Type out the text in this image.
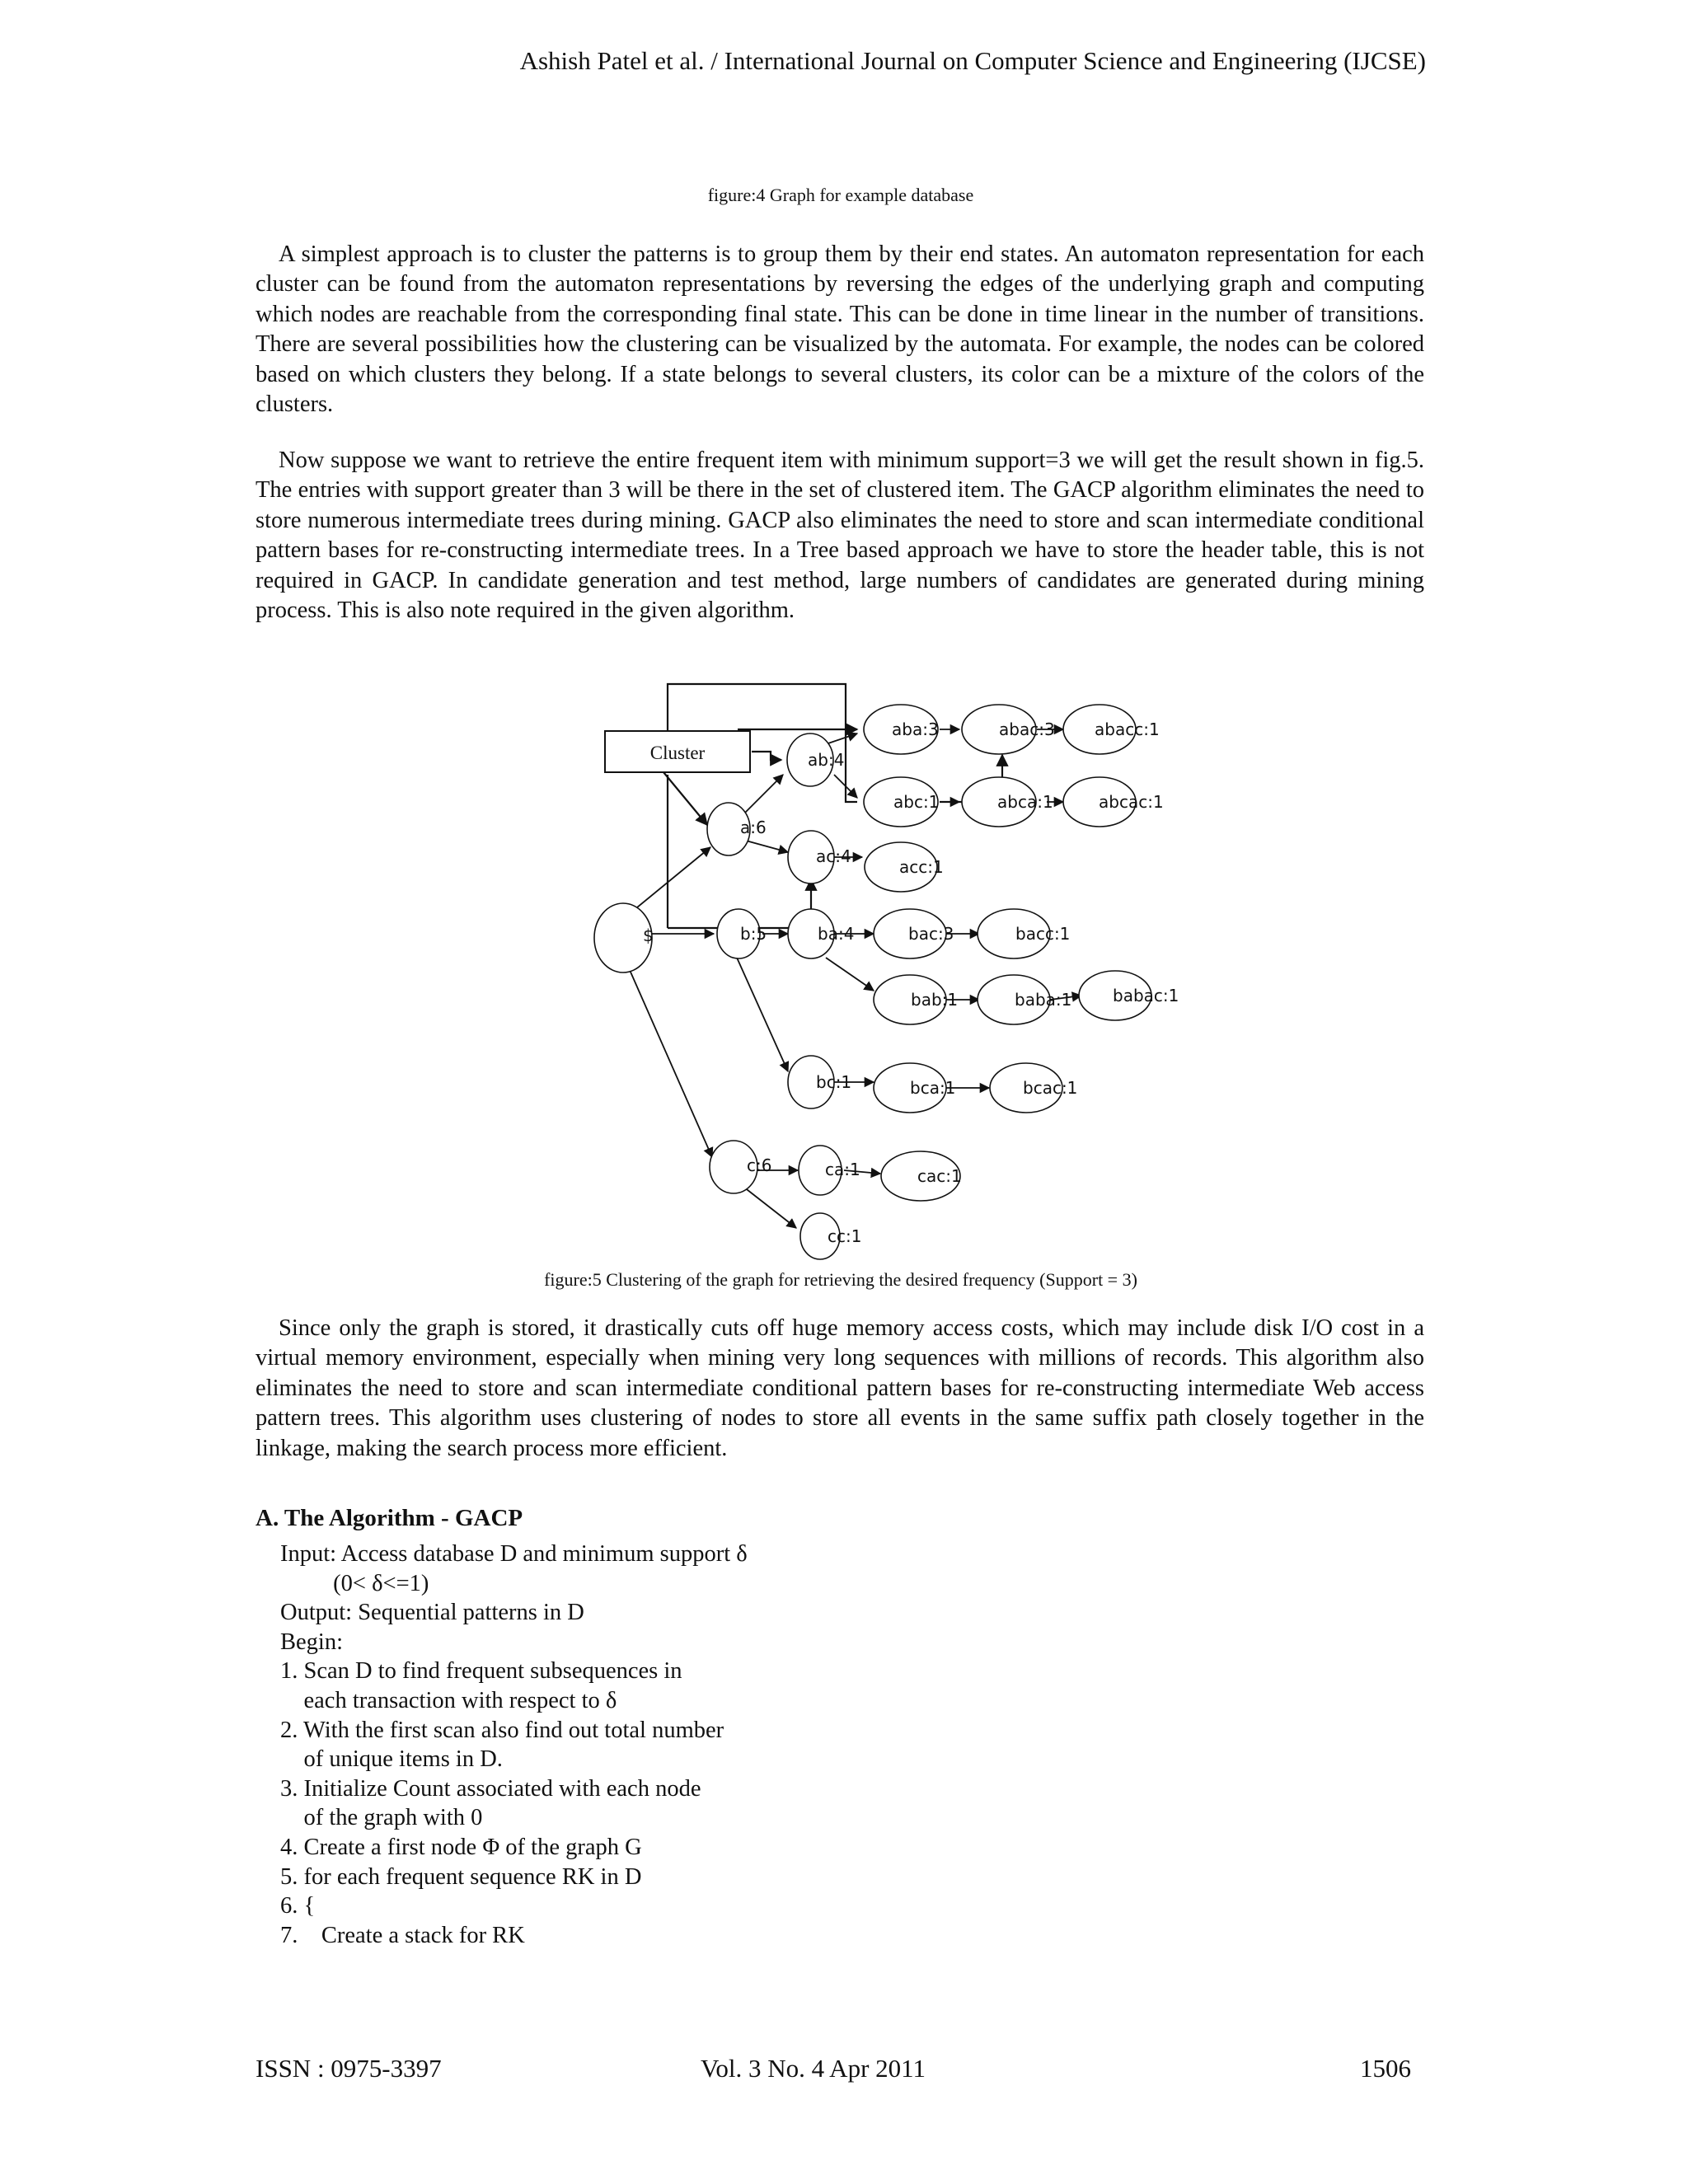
Ashish Patel et al. / International Journal on Computer Science and Engineering (IJCSE)
figure:4 Graph for example database

A simplest approach is to cluster the patterns is to group them by their end states. An automaton representation for each cluster can be found from the automaton representations by reversing the edges of the underlying graph and computing which nodes are reachable from the corresponding final state. This can be done in time linear in the number of transitions. There are several possibilities how the clustering can be visualized by the automata. For example, the nodes can be colored based on which clusters they belong. If a state belongs to several clusters, its color can be a mixture of the colors of the clusters.

Now suppose we want to retrieve the entire frequent item with minimum support=3 we will get the result shown in fig.5. The entries with support greater than 3 will be there in the set of clustered item. The GACP algorithm eliminates the need to store numerous intermediate trees during mining. GACP also eliminates the need to store and scan intermediate conditional pattern bases for re-constructing intermediate trees. In a Tree based approach we have to store the header table, this is not required in GACP. In candidate generation and test method, large numbers of candidates are generated during mining process. This is also note required in the given algorithm.

Cluster
$
a:6
b:5
c:6
ab:4
ac:4
ba:4
bc:1
ca:1
cc:1
aba:3
abc:1
acc:1
bac:3
bab:1
bca:1
cac:1
abac:3
abca:1
bacc:1
baba:1
bcac:1
abacc:1
abcac:1
babac:1
figure:5 Clustering of the graph for retrieving the desired frequency (Support = 3)

Since only the graph is stored, it drastically cuts off huge memory access costs, which may include disk I/O cost in a virtual memory environment, especially when mining very long sequences with millions of records. This algorithm also eliminates the need to store and scan intermediate conditional pattern bases for re-constructing intermediate Web access pattern trees. This algorithm uses clustering of nodes to store all events in the same suffix path closely together in the linkage, making the search process more efficient.

A. The Algorithm - GACP
Input: Access database D and minimum support δ
(0< δ<=1)
Output: Sequential patterns in D
Begin:
1. Scan D to find frequent subsequences in
each transaction with respect to δ
2. With the first scan also find out total number
of unique items in D.
3. Initialize Count associated with each node
of the graph with 0
4. Create a first node Φ of the graph G
5. for each frequent sequence RK in D
6. {
7.    Create a stack for RK
ISSN : 0975-3397	Vol. 3 No. 4 Apr 2011	1506
